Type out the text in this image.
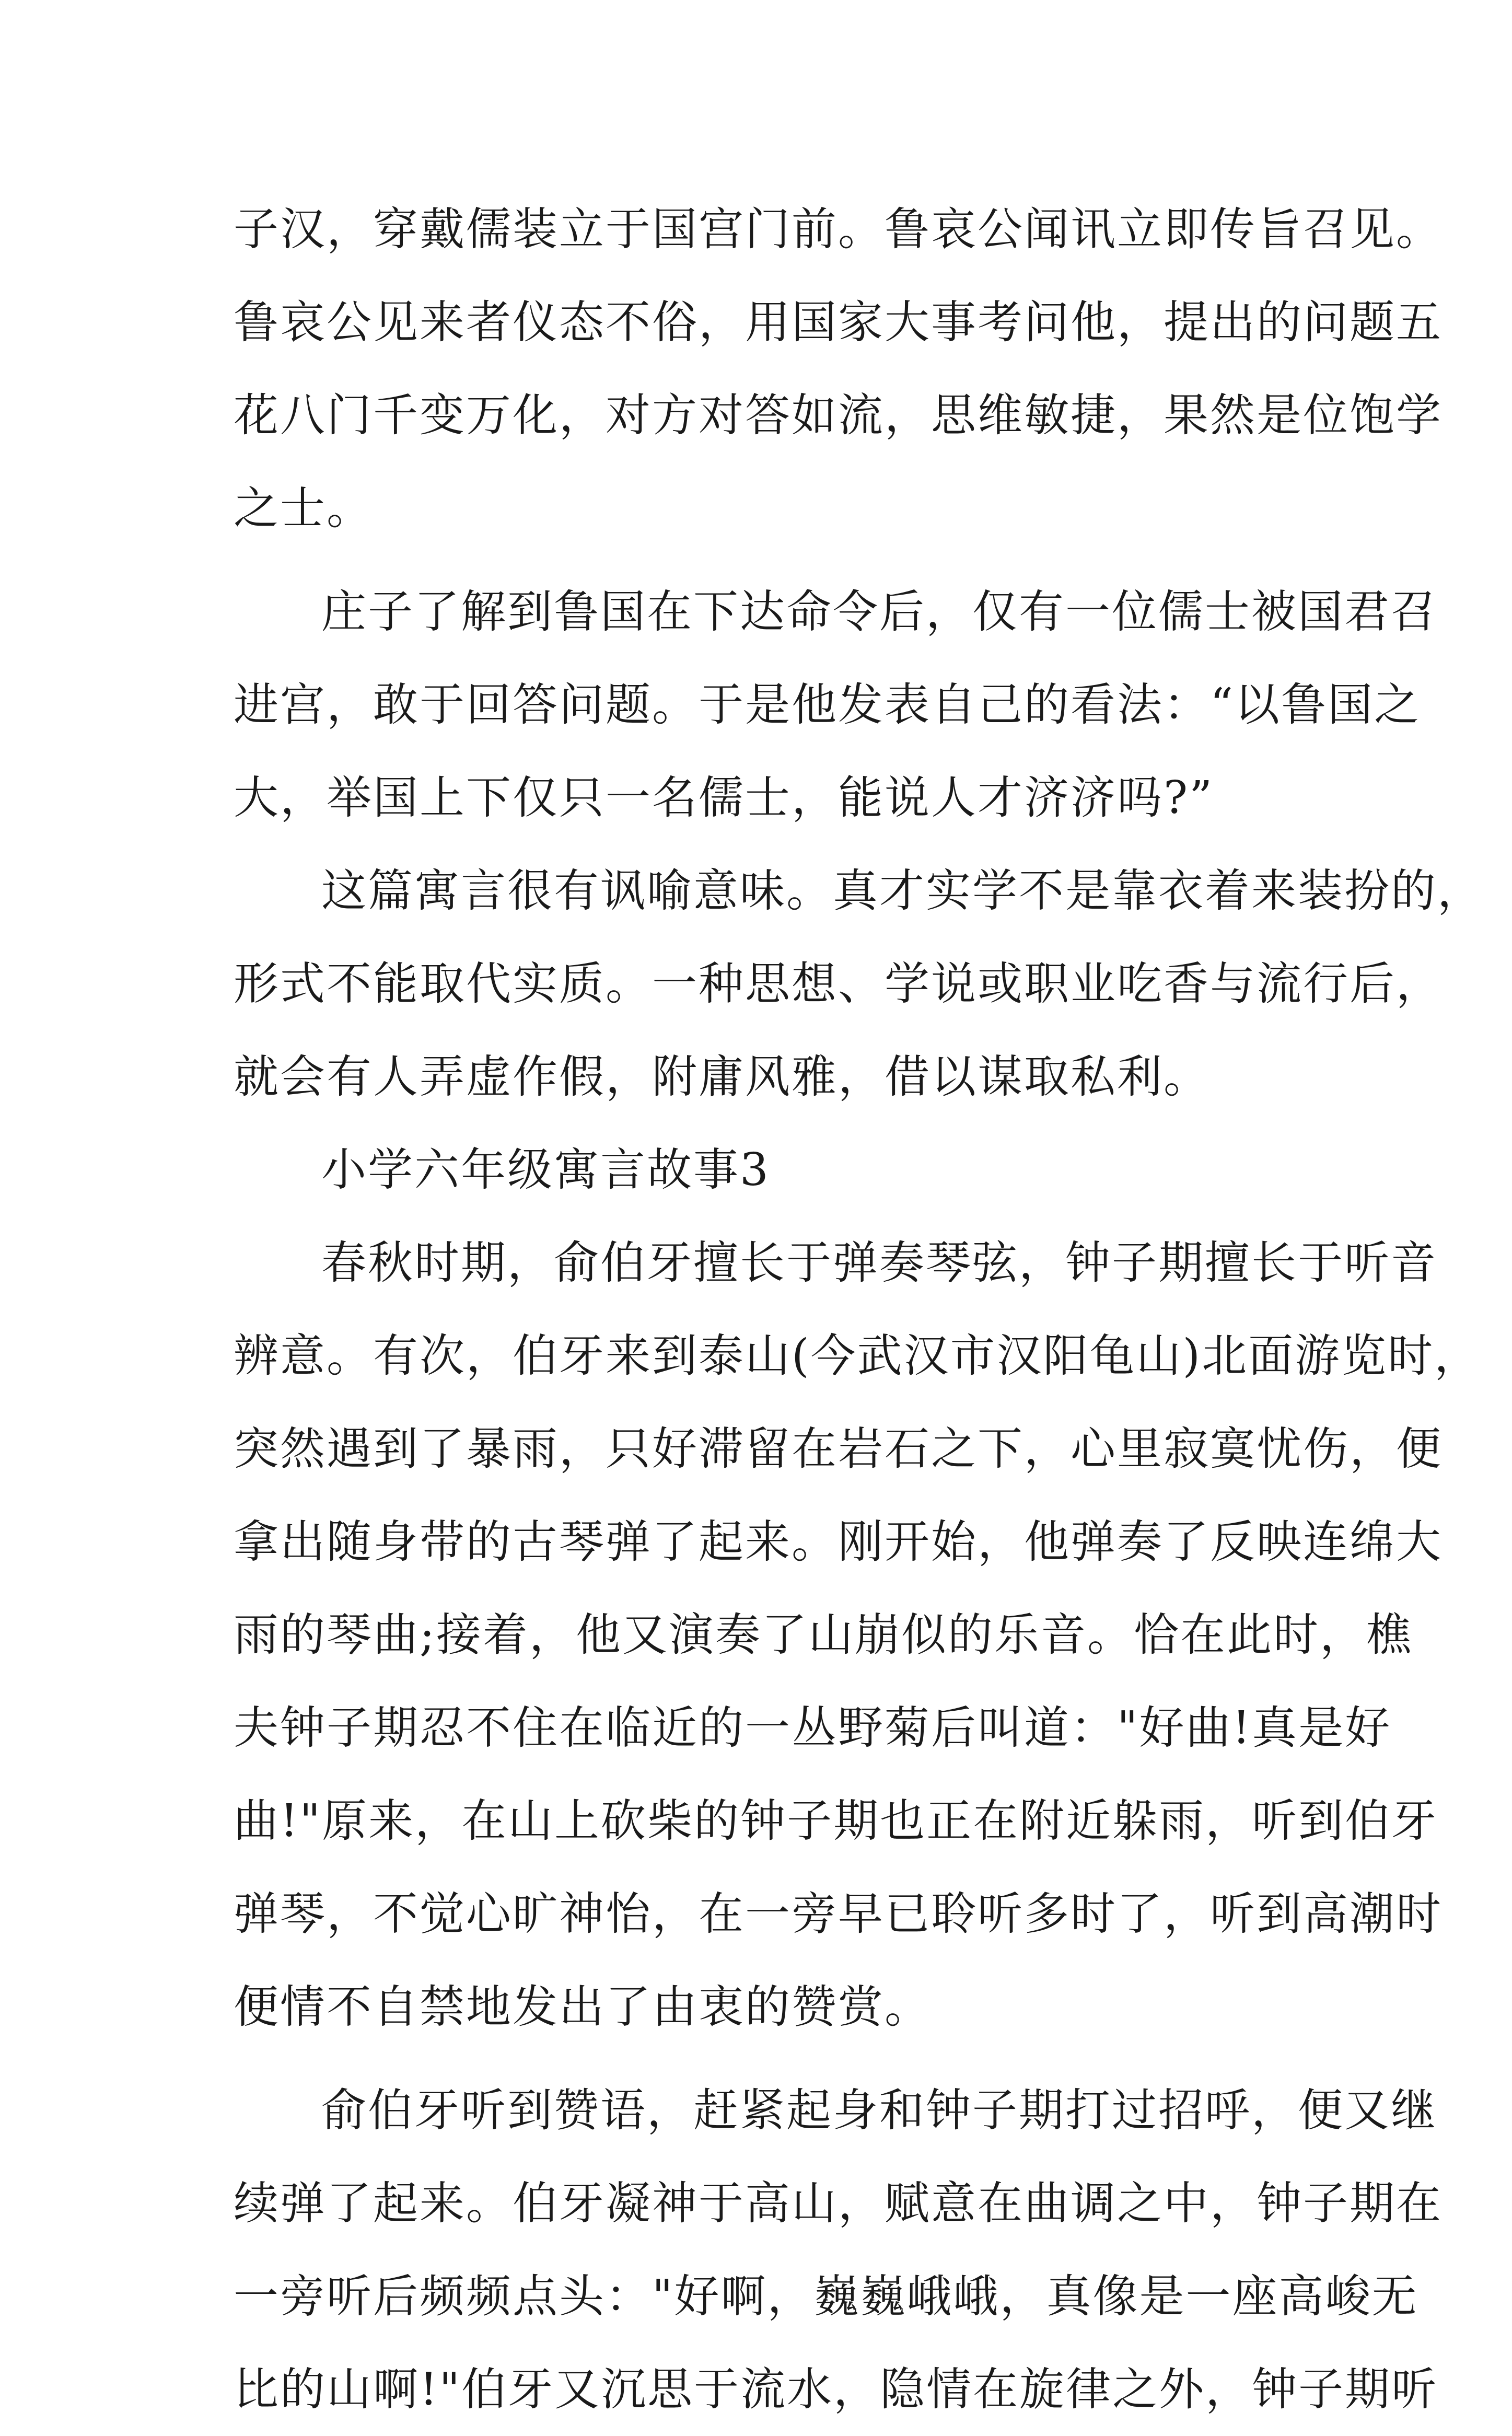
子汉，穿戴儒装立于国宫门前。鲁哀公闻讯立即传旨召见。
鲁哀公见来者仪态不俗，用国家大事考问他，提出的问题五
花八门千变万化，对方对答如流，思维敏捷，果然是位饱学
之士。
庄子了解到鲁国在下达命令后，仅有一位儒士被国君召
进宫，敢于回答问题。于是他发表自己的看法：“以鲁国之
大，举国上下仅只一名儒士，能说人才济济吗?”
这篇寓言很有讽喻意味。真才实学不是靠衣着来装扮的，
形式不能取代实质。一种思想、学说或职业吃香与流行后，
就会有人弄虚作假，附庸风雅，借以谋取私利。
小学六年级寓言故事3
春秋时期，俞伯牙擅长于弹奏琴弦，钟子期擅长于听音
辨意。有次，伯牙来到泰山(今武汉市汉阳龟山)北面游览时，
突然遇到了暴雨，只好滞留在岩石之下，心里寂寞忧伤，便
拿出随身带的古琴弹了起来。刚开始，他弹奏了反映连绵大
雨的琴曲;接着，他又演奏了山崩似的乐音。恰在此时，樵
夫钟子期忍不住在临近的一丛野菊后叫道："好曲!真是好
曲!"原来，在山上砍柴的钟子期也正在附近躲雨，听到伯牙
弹琴，不觉心旷神怡，在一旁早已聆听多时了，听到高潮时
便情不自禁地发出了由衷的赞赏。
俞伯牙听到赞语，赶紧起身和钟子期打过招呼，便又继
续弹了起来。伯牙凝神于高山，赋意在曲调之中，钟子期在
一旁听后频频点头："好啊，巍巍峨峨，真像是一座高峻无
比的山啊!"伯牙又沉思于流水，隐情在旋律之外，钟子期听
